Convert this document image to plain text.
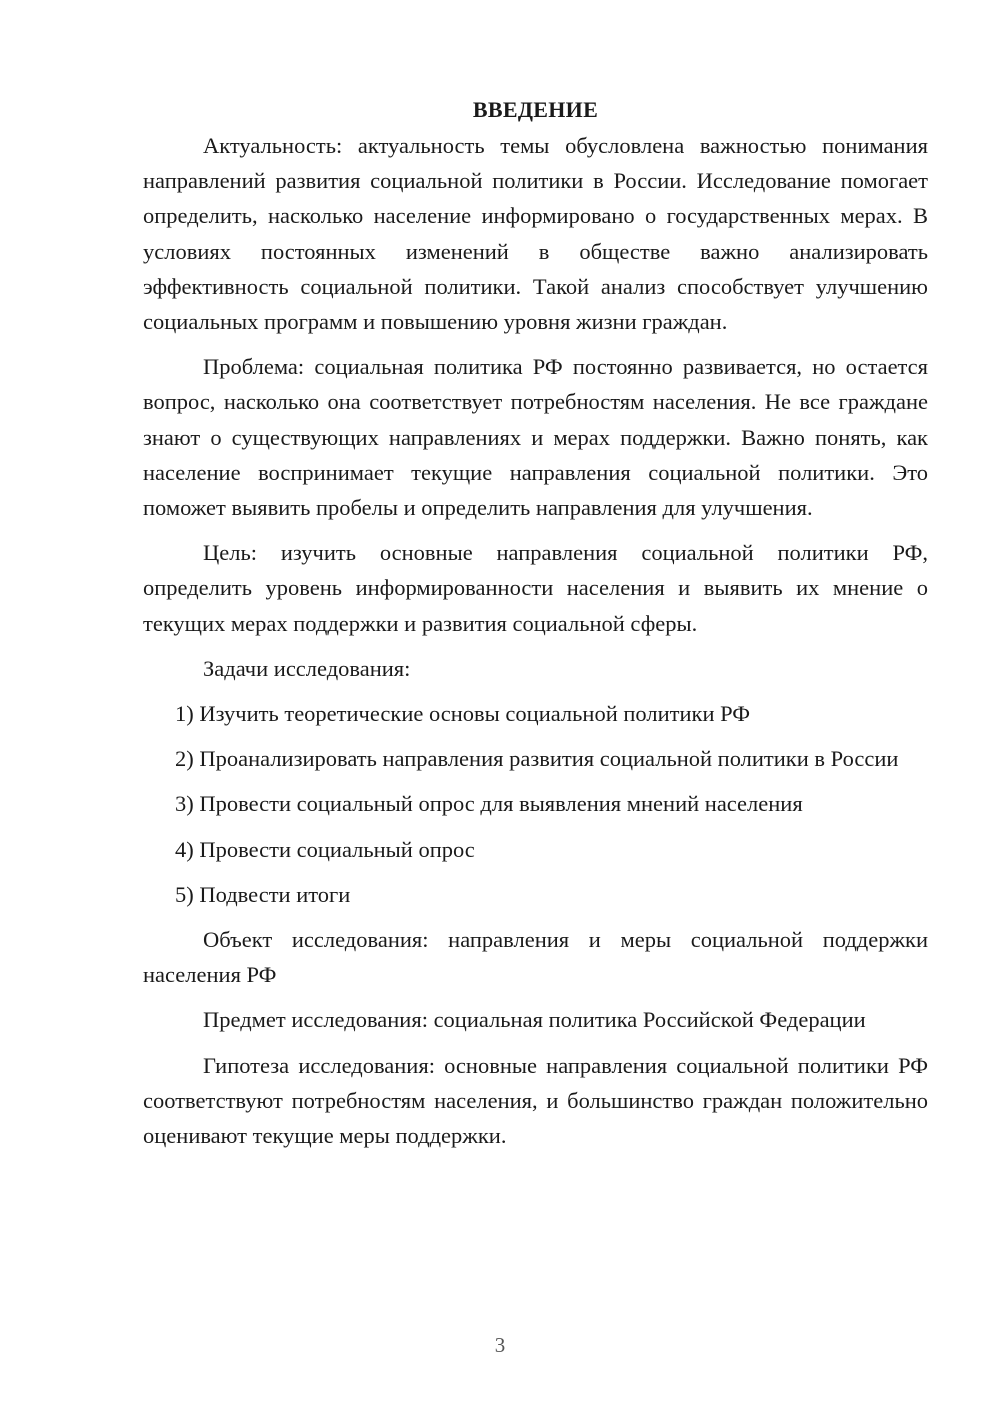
ВВЕДЕНИЕ

Актуальность: актуальность темы обусловлена важностью понимания направлений развития социальной политики в России. Исследование помогает определить, насколько население информировано о государственных мерах. В условиях постоянных изменений в обществе важно анализировать эффективность социальной политики. Такой анализ способствует улучшению социальных программ и повышению уровня жизни граждан.

Проблема: социальная политика РФ постоянно развивается, но остается вопрос, насколько она соответствует потребностям населения. Не все граждане знают о существующих направлениях и мерах поддержки. Важно понять, как население воспринимает текущие направления социальной политики. Это поможет выявить пробелы и определить направления для улучшения.

Цель: изучить основные направления социальной политики РФ, определить уровень информированности населения и выявить их мнение о текущих мерах поддержки и развития социальной сферы.

Задачи исследования:

1) Изучить теоретические основы социальной политики РФ

2) Проанализировать направления развития социальной политики в России

3) Провести социальный опрос для выявления мнений населения

4) Провести социальный опрос

5) Подвести итоги

Объект исследования: направления и меры социальной поддержки населения РФ

Предмет исследования: социальная политика Российской Федерации

Гипотеза исследования: основные направления социальной политики РФ соответствуют потребностям населения, и большинство граждан положительно оценивают текущие меры поддержки.

3
